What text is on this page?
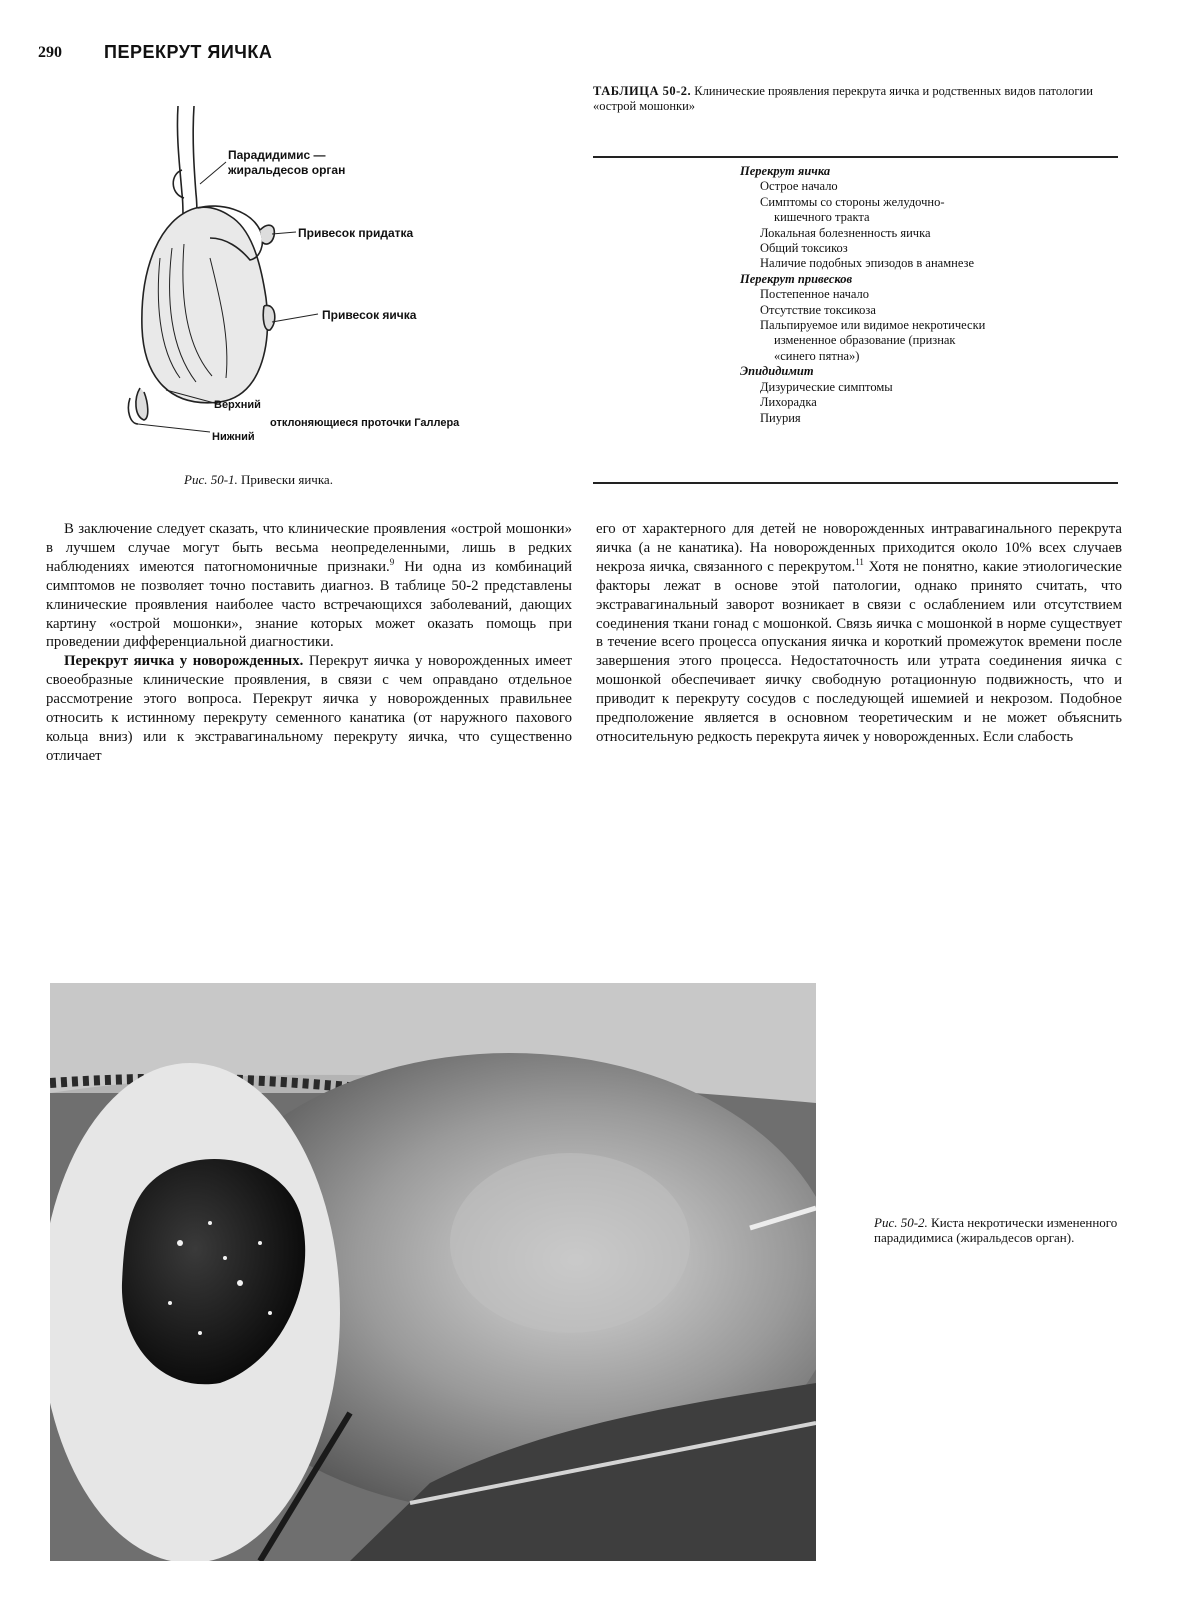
290 ПЕРЕКРУТ ЯИЧКА
Парадидимис —
жиральдесов орган
Привесок придатка
Привесок яичка
Верхний
Нижний
отклоняющиеся проточки Галлера
Рис. 50-1. Привески яичка.
ТАБЛИЦА 50-2. Клинические проявления перекрута яичка и родственных видов патологии «острой мошонки»
Перекрут яичка
Острое начало
Симптомы со стороны желудочно-
кишечного тракта
Локальная болезненность яичка
Общий токсикоз
Наличие подобных эпизодов в анамнезе
Перекрут привесков
Постепенное начало
Отсутствие токсикоза
Пальпируемое или видимое некротически
измененное образование (признак
«синего пятна»)
Эпидидимит
Дизурические симптомы
Лихорадка
Пиурия

В заключение следует сказать, что клинические проявления «острой мошонки» в лучшем случае могут быть весьма неопределенными, лишь в редких наблюдениях имеются патогномоничные признаки.$^9$ Ни одна из комбинаций симптомов не позволяет точно поставить диагноз. В таблице 50-2 представлены клинические проявления наиболее часто встречающихся заболеваний, дающих картину «острой мошонки», знание которых может оказать помощь при проведении дифференциальной диагностики.

Перекрут яичка у новорожденных. Перекрут яичка у новорожденных имеет своеобразные клинические проявления, в связи с чем оправдано отдельное рассмотрение этого вопроса. Перекрут яичка у новорожденных правильнее относить к истинному перекруту семенного канатика (от наружного пахового кольца вниз) или к экстравагинальному перекруту яичка, что существенно отличает

его от характерного для детей не новорожденных интравагинального перекрута яичка (а не канатика). На новорожденных приходится около 10% всех случаев некроза яичка, связанного с перекрутом.$^{11}$ Хотя не понятно, какие этиологические факторы лежат в основе этой патологии, однако принято считать, что экстравагинальный заворот возникает в связи с ослаблением или отсутствием соединения ткани гонад с мошонкой. Связь яичка с мошонкой в норме существует в течение всего процесса опускания яичка и короткий промежуток времени после завершения этого процесса. Недостаточность или утрата соединения яичка с мошонкой обеспечивает яичку свободную ротационную подвижность, что и приводит к перекруту сосудов с последующей ишемией и некрозом. Подобное предположение является в основном теоретическим и не может объяснить относительную редкость перекрута яичек у новорожденных. Если слабость

Рис. 50-2. Киста некротически измененного парадидимиса (жиральдесов орган).
